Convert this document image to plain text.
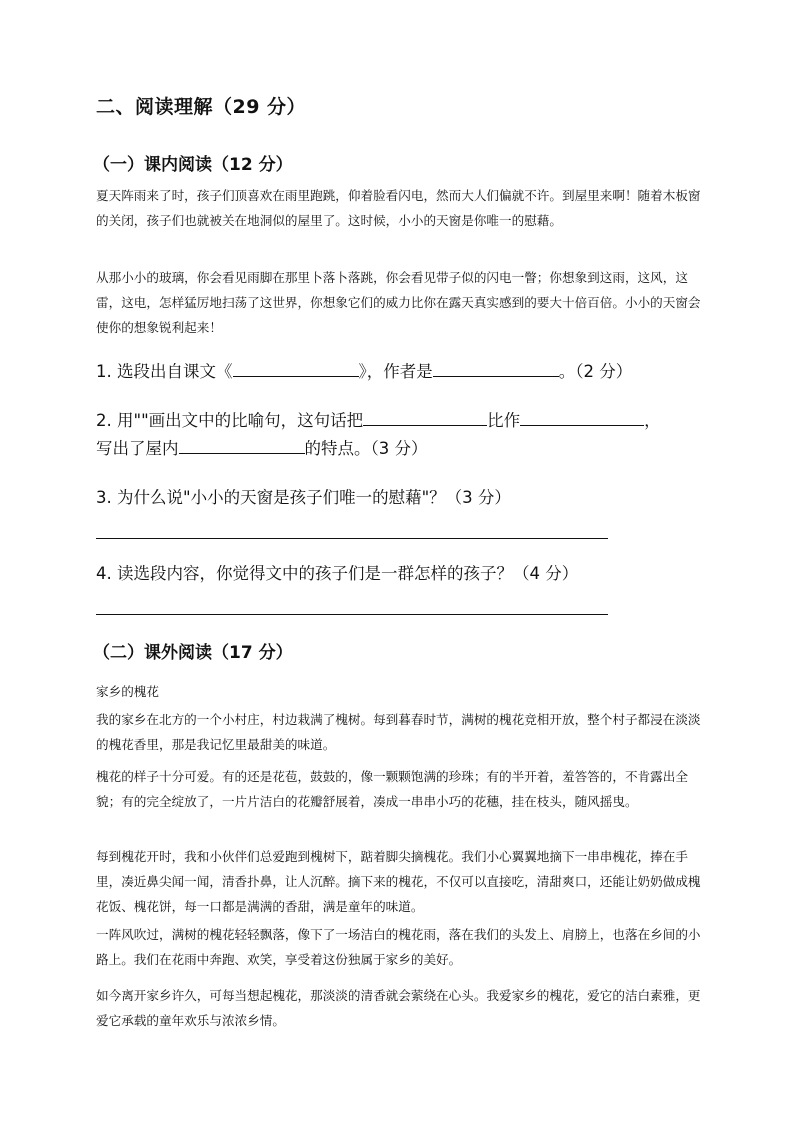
二、阅读理解（29 分）
（一）课内阅读（12 分）
夏天阵雨来了时，孩子们顶喜欢在雨里跑跳，仰着脸看闪电，然而大人们偏就不许。到屋里来啊！随着木板窗的关闭，孩子们也就被关在地洞似的屋里了。这时候，小小的天窗是你唯一的慰藉。
从那小小的玻璃，你会看见雨脚在那里卜落卜落跳，你会看见带子似的闪电一瞥；你想象到这雨，这风，这雷，这电，怎样猛厉地扫荡了这世界，你想象它们的威力比你在露天真实感到的要大十倍百倍。小小的天窗会使你的想象锐利起来！
1. 选段出自课文《	》，作者是	。（2 分）
2. 用""画出文中的比喻句，这句话把	比作	，
写出了屋内	的特点。（3 分）
3. 为什么说"小小的天窗是孩子们唯一的慰藉"？（3 分）
4. 读选段内容，你觉得文中的孩子们是一群怎样的孩子？（4 分）
（二）课外阅读（17 分）
家乡的槐花
我的家乡在北方的一个小村庄，村边栽满了槐树。每到暮春时节，满树的槐花竞相开放，整个村子都浸在淡淡的槐花香里，那是我记忆里最甜美的味道。
槐花的样子十分可爱。有的还是花苞，鼓鼓的，像一颗颗饱满的珍珠；有的半开着，羞答答的，不肯露出全貌；有的完全绽放了，一片片洁白的花瓣舒展着，凑成一串串小巧的花穗，挂在枝头，随风摇曳。
每到槐花开时，我和小伙伴们总爱跑到槐树下，踮着脚尖摘槐花。我们小心翼翼地摘下一串串槐花，捧在手里，凑近鼻尖闻一闻，清香扑鼻，让人沉醉。摘下来的槐花，不仅可以直接吃，清甜爽口，还能让奶奶做成槐花饭、槐花饼，每一口都是满满的香甜，满是童年的味道。
一阵风吹过，满树的槐花轻轻飘落，像下了一场洁白的槐花雨，落在我们的头发上、肩膀上，也落在乡间的小路上。我们在花雨中奔跑、欢笑，享受着这份独属于家乡的美好。
如今离开家乡许久，可每当想起槐花，那淡淡的清香就会萦绕在心头。我爱家乡的槐花，爱它的洁白素雅，更爱它承载的童年欢乐与浓浓乡情。
